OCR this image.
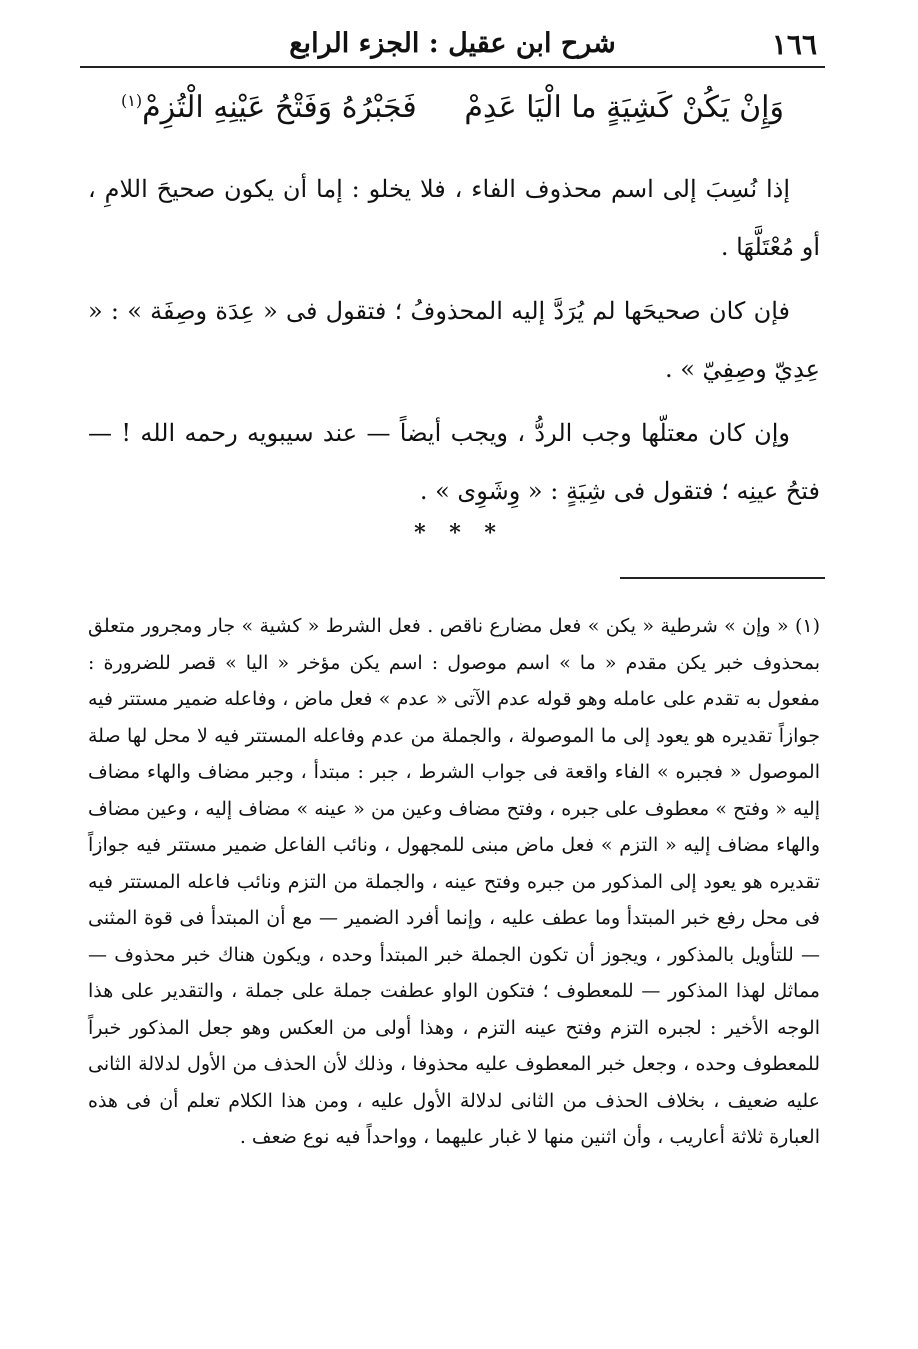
١٦٦
شرح ابن عقيل : الجزء الرابع
وَإِنْ يَكُنْ كَشِيَةٍ ما الْيَا عَدِمْ     فَجَبْرُهُ وَفَتْحُ عَيْنِهِ الْتُزِمْ$^{(١)}$

إذا نُسِبَ إلى اسم محذوف الفاء ، فلا يخلو : إما أن يكون صحيحَ اللامِ ، أو مُعْتَلَّهَا .

فإن كان صحيحَها لم يُرَدَّ إليه المحذوفُ ؛ فتقول فى « عِدَة وصِفَة » : « عِدِيّ وصِفِيّ » .

وإن كان معتلّها وجب الردُّ ، ويجب أيضاً — عند سيبويه رحمه الله ! — فتحُ عينِه ؛ فتقول فى شِيَةٍ : « وِشَوِى » .

* * *

(١) « وإن » شرطية « يكن » فعل مضارع ناقص . فعل الشرط « كشية » جار ومجرور متعلق بمحذوف خبر يكن مقدم « ما » اسم موصول : اسم يكن مؤخر « اليا » قصر للضرورة : مفعول به تقدم على عامله وهو قوله عدم الآتى « عدم » فعل ماض ، وفاعله ضمير مستتر فيه جوازاً تقديره هو يعود إلى ما الموصولة ، والجملة من عدم وفاعله المستتر فيه لا محل لها صلة الموصول « فجبره » الفاء واقعة فى جواب الشرط ، جبر : مبتدأ ، وجبر مضاف والهاء مضاف إليه « وفتح » معطوف على جبره ، وفتح مضاف وعين من « عينه » مضاف إليه ، وعين مضاف والهاء مضاف إليه « التزم » فعل ماض مبنى للمجهول ، ونائب الفاعل ضمير مستتر فيه جوازاً تقديره هو يعود إلى المذكور من جبره وفتح عينه ، والجملة من التزم ونائب فاعله المستتر فيه فى محل رفع خبر المبتدأ وما عطف عليه ، وإنما أفرد الضمير — مع أن المبتدأ فى قوة المثنى — للتأويل بالمذكور ، ويجوز أن تكون الجملة خبر المبتدأ وحده ، ويكون هناك خبر محذوف — مماثل لهذا المذكور — للمعطوف ؛ فتكون الواو عطفت جملة على جملة ، والتقدير على هذا الوجه الأخير : لجبره التزم وفتح عينه التزم ، وهذا أولى من العكس وهو جعل المذكور خبراً للمعطوف وحده ، وجعل خبر المعطوف عليه محذوفا ، وذلك لأن الحذف من الأول لدلالة الثانى عليه ضعيف ، بخلاف الحذف من الثانى لدلالة الأول عليه ، ومن هذا الكلام تعلم أن فى هذه العبارة ثلاثة أعاريب ، وأن اثنين منها لا غبار عليهما ، وواحداً فيه نوع ضعف .
